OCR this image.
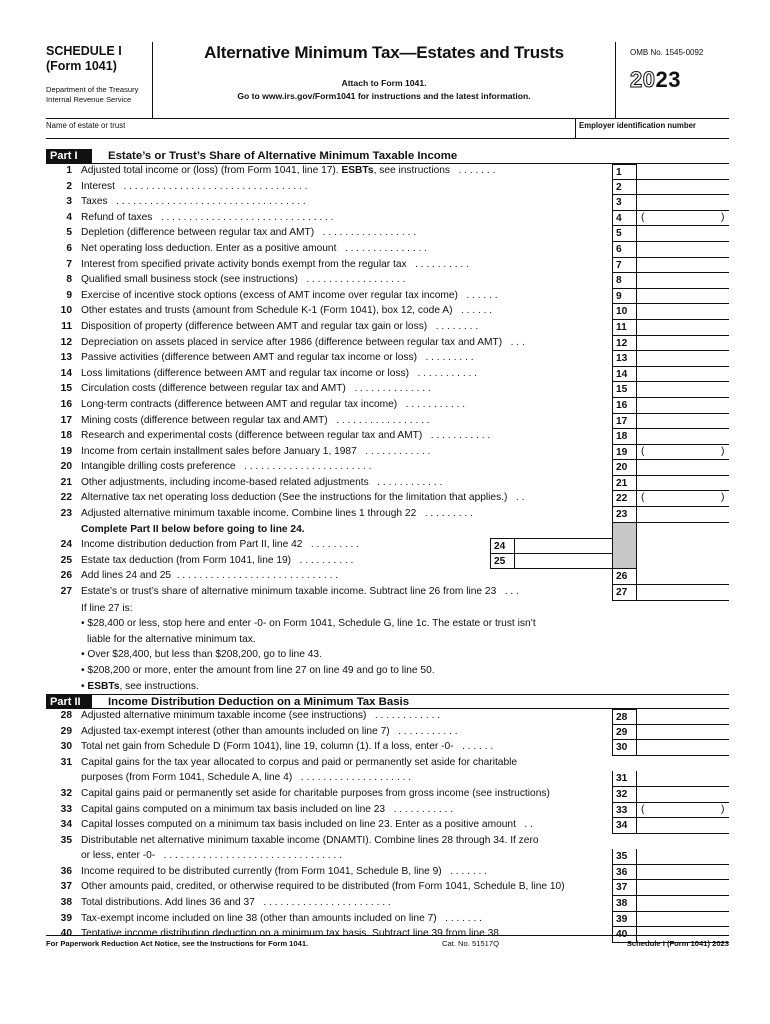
SCHEDULE I
(Form 1041)
Department of the Treasury
Internal Revenue Service
Alternative Minimum Tax—Estates and Trusts
Attach to Form 1041.
Go to www.irs.gov/Form1041 for instructions and the latest information.
OMB No. 1545-0092
2023
Name of estate or trust	Employer identification number
Part I	Estate’s or Trust’s Share of Alternative Minimum Taxable Income
1 Adjusted total income or (loss) (from Form 1041, line 17). ESBTs, see instructions . . . . . . .	1
2 Interest . . . . . . . . . . . . . . . . . . . . . . . . . . . . . . . . .	2
3 Taxes . . . . . . . . . . . . . . . . . . . . . . . . . . . . . . . . . .	3
4 Refund of taxes . . . . . . . . . . . . . . . . . . . . . . . . . . . . . . .	4	(	)
5 Depletion (difference between regular tax and AMT) . . . . . . . . . . . . . . . . .	5
6 Net operating loss deduction. Enter as a positive amount . . . . . . . . . . . . . . .	6
7 Interest from specified private activity bonds exempt from the regular tax . . . . . . . . . .	7
8 Qualified small business stock (see instructions) . . . . . . . . . . . . . . . . . .	8
9 Exercise of incentive stock options (excess of AMT income over regular tax income) . . . . . .	9
10 Other estates and trusts (amount from Schedule K-1 (Form 1041), box 12, code A) . . . . . .	10
11 Disposition of property (difference between AMT and regular tax gain or loss) . . . . . . . .	11
12 Depreciation on assets placed in service after 1986 (difference between regular tax and AMT) . . .	12
13 Passive activities (difference between AMT and regular tax income or loss) . . . . . . . . .	13
14 Loss limitations (difference between AMT and regular tax income or loss) . . . . . . . . . . .	14
15 Circulation costs (difference between regular tax and AMT) . . . . . . . . . . . . . .	15
16 Long-term contracts (difference between AMT and regular tax income) . . . . . . . . . . .	16
17 Mining costs (difference between regular tax and AMT) . . . . . . . . . . . . . . . . .	17
18 Research and experimental costs (difference between regular tax and AMT) . . . . . . . . . . .	18
19 Income from certain installment sales before January 1, 1987 . . . . . . . . . . . .	19	(	)
20 Intangible drilling costs preference . . . . . . . . . . . . . . . . . . . . . . .	20
21 Other adjustments, including income-based related adjustments . . . . . . . . . . . .	21
22 Alternative tax net operating loss deduction (See the instructions for the limitation that applies.) . .	22	(	)
23 Adjusted alternative minimum taxable income. Combine lines 1 through 22 . . . . . . . . .	23
Complete Part II below before going to line 24.
24 Income distribution deduction from Part II, line 42 . . . . . . . . .	24
25 Estate tax deduction (from Form 1041, line 19) . . . . . . . . . .	25
26 Add lines 24 and 25 . . . . . . . . . . . . . . . . . . . . . . . . . . . . .	26
27 Estate’s or trust’s share of alternative minimum taxable income. Subtract line 26 from line 23 . . .	27
If line 27 is:
• $28,400 or less, stop here and enter -0- on Form 1041, Schedule G, line 1c. The estate or trust isn’t
liable for the alternative minimum tax.
• Over $28,400, but less than $208,200, go to line 43.
• $208,200 or more, enter the amount from line 27 on line 49 and go to line 50.
• ESBTs, see instructions.
Part II	Income Distribution Deduction on a Minimum Tax Basis
28 Adjusted alternative minimum taxable income (see instructions) . . . . . . . . . . . .	28
29 Adjusted tax-exempt interest (other than amounts included on line 7) . . . . . . . . . . .	29
30 Total net gain from Schedule D (Form 1041), line 19, column (1). If a loss, enter -0- . . . . . .	30
31 Capital gains for the tax year allocated to corpus and paid or permanently set aside for charitable
purposes (from Form 1041, Schedule A, line 4) . . . . . . . . . . . . . . . . . . . .	31
32 Capital gains paid or permanently set aside for charitable purposes from gross income (see instructions)	32
33 Capital gains computed on a minimum tax basis included on line 23 . . . . . . . . . . .	33	(	)
34 Capital losses computed on a minimum tax basis included on line 23. Enter as a positive amount . .	34
35 Distributable net alternative minimum taxable income (DNAMTI). Combine lines 28 through 34. If zero
or less, enter -0- . . . . . . . . . . . . . . . . . . . . . . . . . . . . . . . .	35
36 Income required to be distributed currently (from Form 1041, Schedule B, line 9) . . . . . . .	36
37 Other amounts paid, credited, or otherwise required to be distributed (from Form 1041, Schedule B, line 10)	37
38 Total distributions. Add lines 36 and 37 . . . . . . . . . . . . . . . . . . . . . . .	38
39 Tax-exempt income included on line 38 (other than amounts included on line 7) . . . . . . .	39
40 Tentative income distribution deduction on a minimum tax basis. Subtract line 39 from line 38 . . .	40
For Paperwork Reduction Act Notice, see the Instructions for Form 1041.	Cat. No. 51517Q	Schedule I (Form 1041) 2023
